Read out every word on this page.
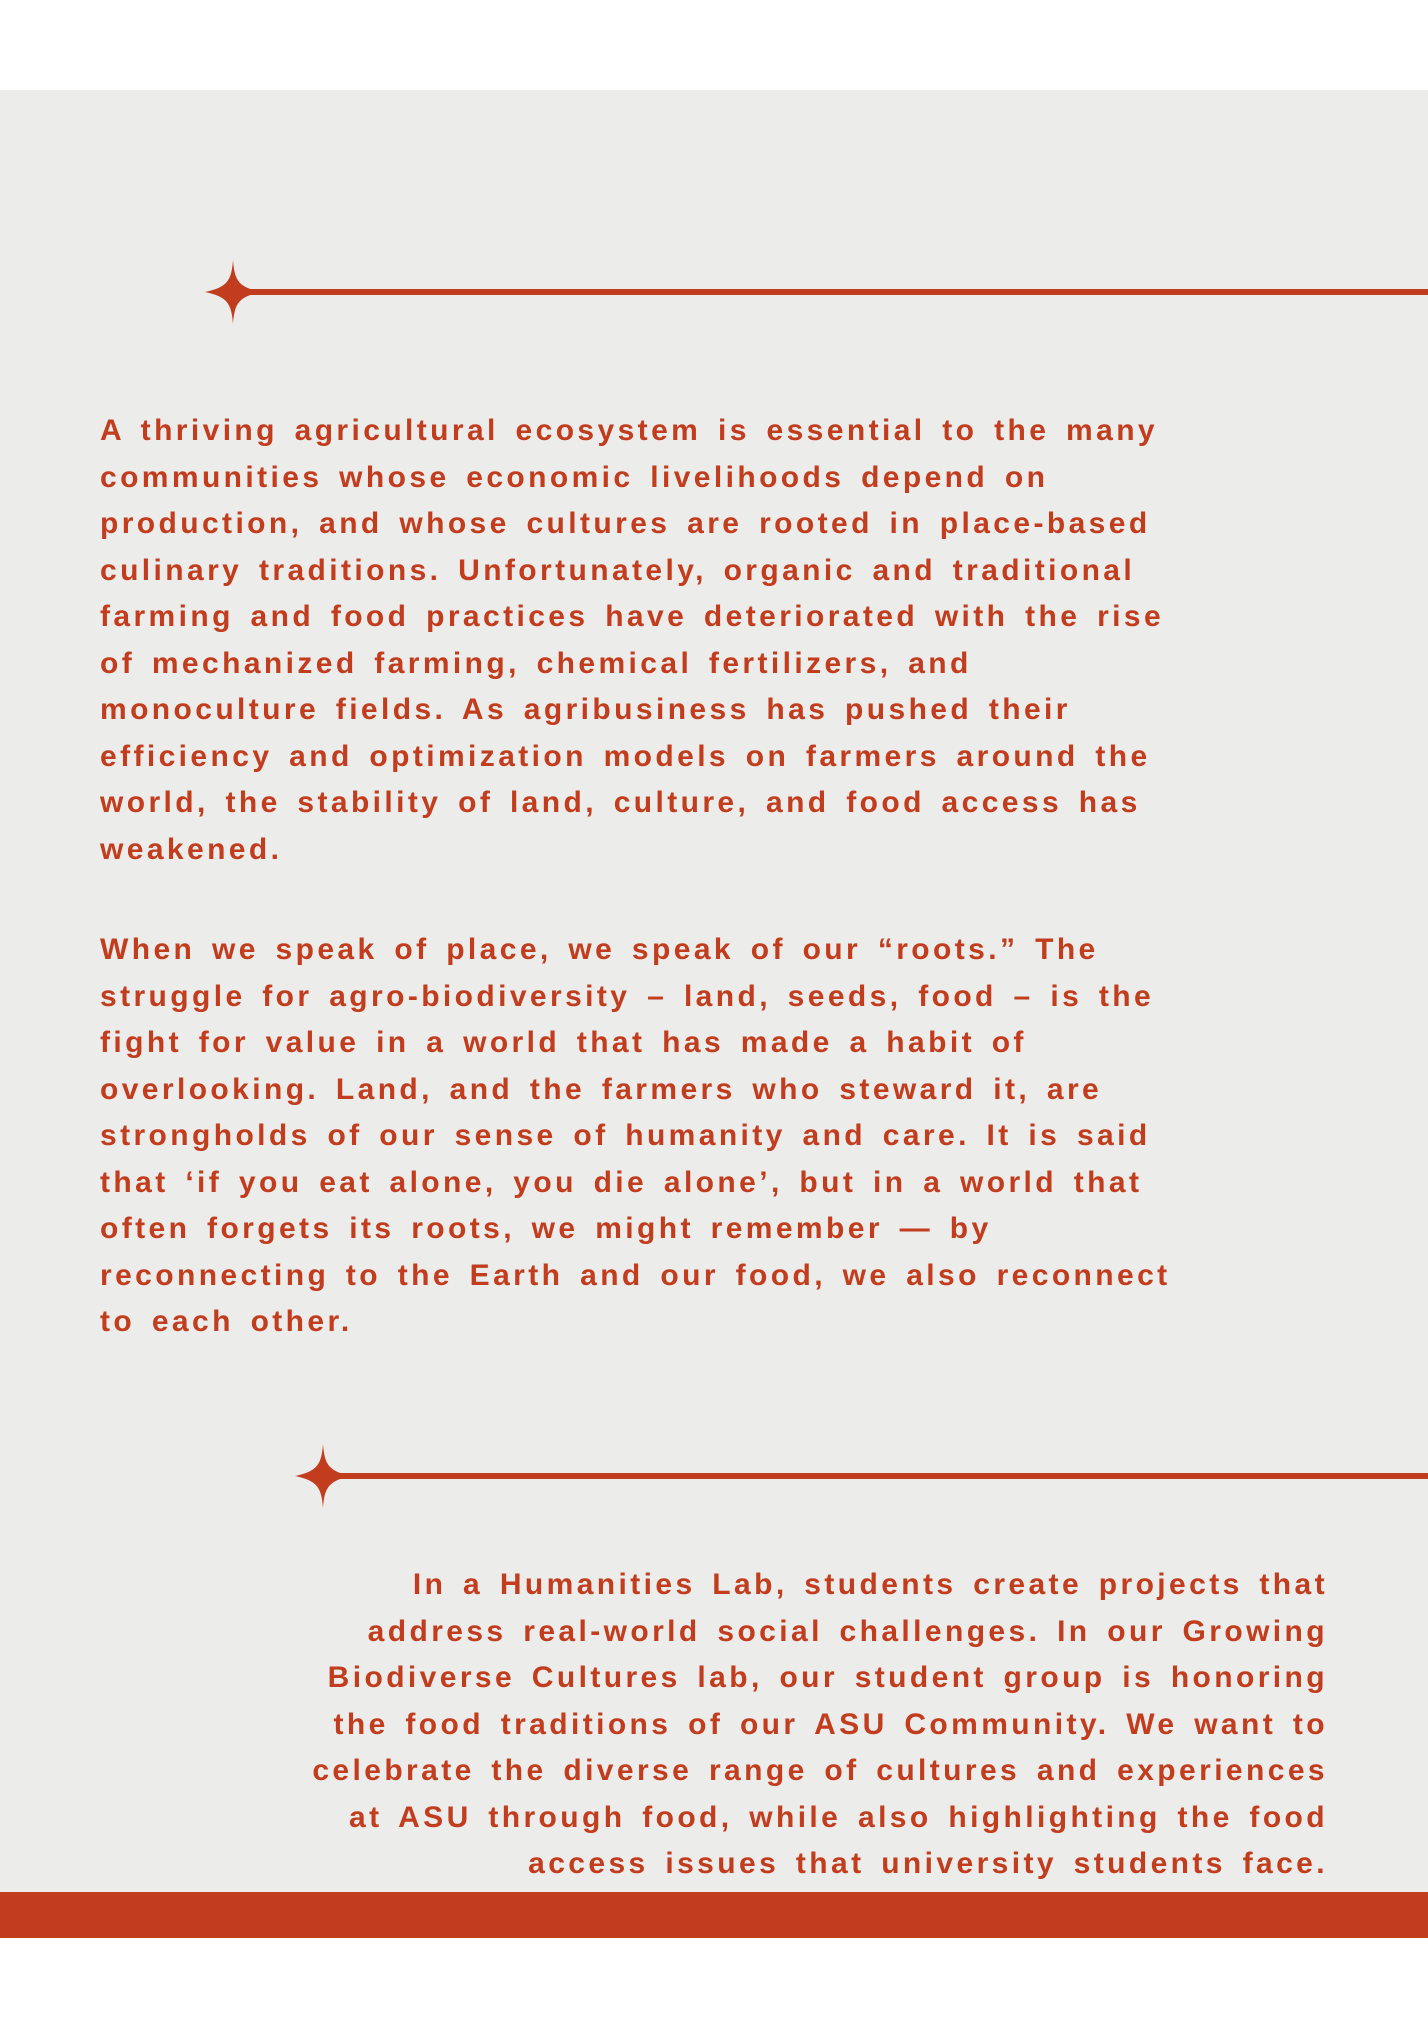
A thriving agricultural ecosystem is essential to the many
communities whose economic livelihoods depend on
production, and whose cultures are rooted in place-based
culinary traditions. Unfortunately, organic and traditional
farming and food practices have deteriorated with the rise
of mechanized farming, chemical fertilizers, and
monoculture fields. As agribusiness has pushed their
efficiency and optimization models on farmers around the
world, the stability of land, culture, and food access has
weakened.
When we speak of place, we speak of our “roots.” The
struggle for agro-biodiversity – land, seeds, food – is the
fight for value in a world that has made a habit of
overlooking. Land, and the farmers who steward it, are
strongholds of our sense of humanity and care. It is said
that ‘if you eat alone, you die alone’, but in a world that
often forgets its roots, we might remember — by
reconnecting to the Earth and our food, we also reconnect
to each other.
In a Humanities Lab, students create projects that
address real-world social challenges. In our Growing
Biodiverse Cultures lab, our student group is honoring
the food traditions of our ASU Community. We want to
celebrate the diverse range of cultures and experiences
at ASU through food, while also highlighting the food
access issues that university students face.
